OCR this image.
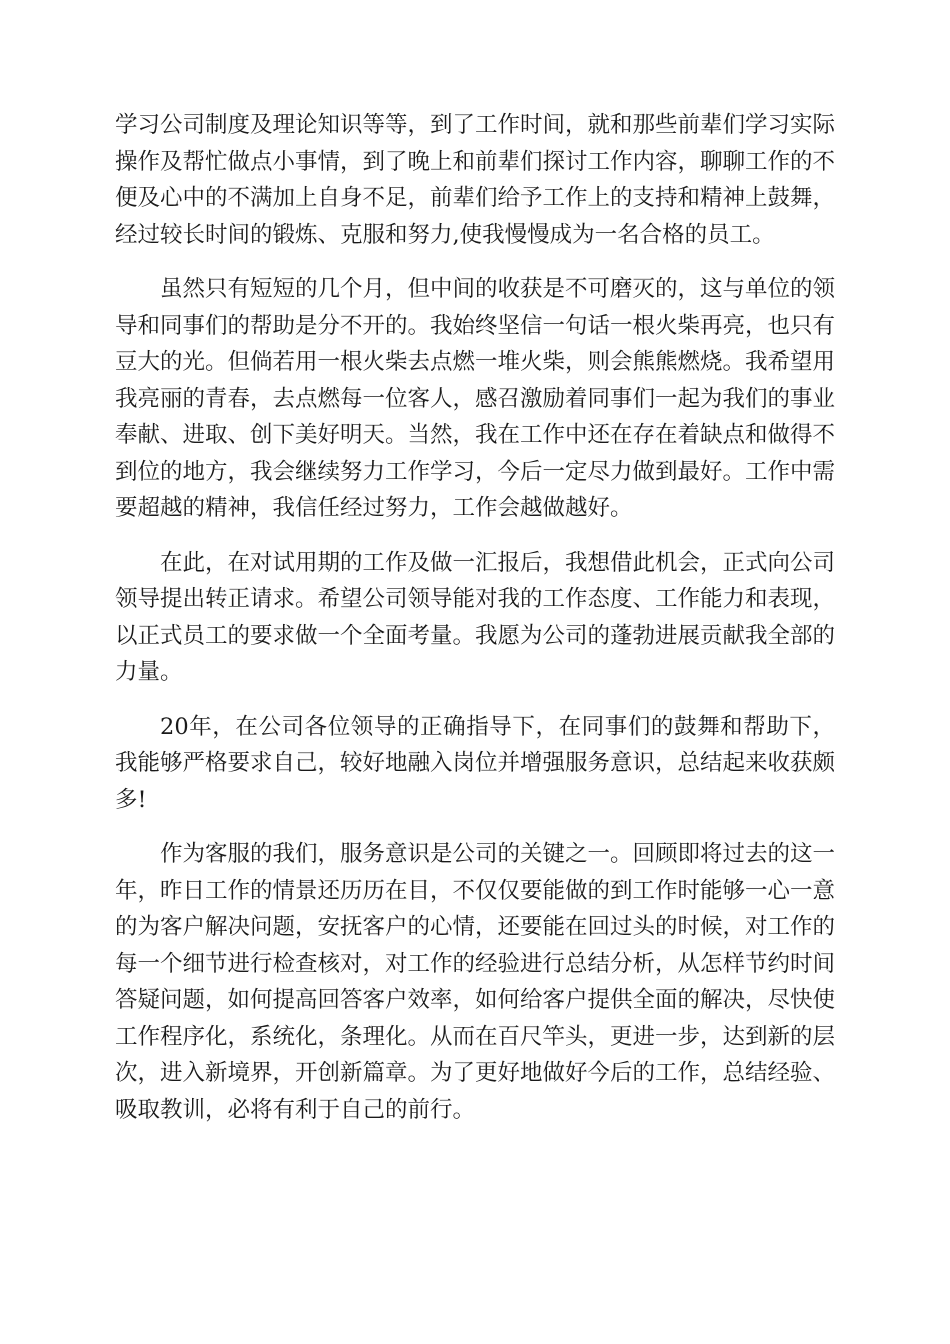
学习公司制度及理论知识等等，到了工作时间，就和那些前辈们学习实际操作及帮忙做点小事情，到了晚上和前辈们探讨工作内容，聊聊工作的不便及心中的不满加上自身不足，前辈们给予工作上的支持和精神上鼓舞，经过较长时间的锻炼、克服和努力,使我慢慢成为一名合格的员工。

虽然只有短短的几个月，但中间的收获是不可磨灭的，这与单位的领导和同事们的帮助是分不开的。我始终坚信一句话一根火柴再亮，也只有豆大的光。但倘若用一根火柴去点燃一堆火柴，则会熊熊燃烧。我希望用我亮丽的青春，去点燃每一位客人，感召激励着同事们一起为我们的事业奉献、进取、创下美好明天。当然，我在工作中还在存在着缺点和做得不到位的地方，我会继续努力工作学习，今后一定尽力做到最好。工作中需要超越的精神，我信任经过努力，工作会越做越好。

在此，在对试用期的工作及做一汇报后，我想借此机会，正式向公司领导提出转正请求。希望公司领导能对我的工作态度、工作能力和表现，以正式员工的要求做一个全面考量。我愿为公司的蓬勃进展贡献我全部的力量。

20年，在公司各位领导的正确指导下，在同事们的鼓舞和帮助下，我能够严格要求自己，较好地融入岗位并增强服务意识，总结起来收获颇多!

作为客服的我们，服务意识是公司的关键之一。回顾即将过去的这一年，昨日工作的情景还历历在目，不仅仅要能做的到工作时能够一心一意的为客户解决问题，安抚客户的心情，还要能在回过头的时候，对工作的每一个细节进行检查核对，对工作的经验进行总结分析，从怎样节约时间答疑问题，如何提高回答客户效率，如何给客户提供全面的解决，尽快使工作程序化，系统化，条理化。从而在百尺竿头，更进一步，达到新的层次，进入新境界，开创新篇章。为了更好地做好今后的工作，总结经验、吸取教训，必将有利于自己的前行。
